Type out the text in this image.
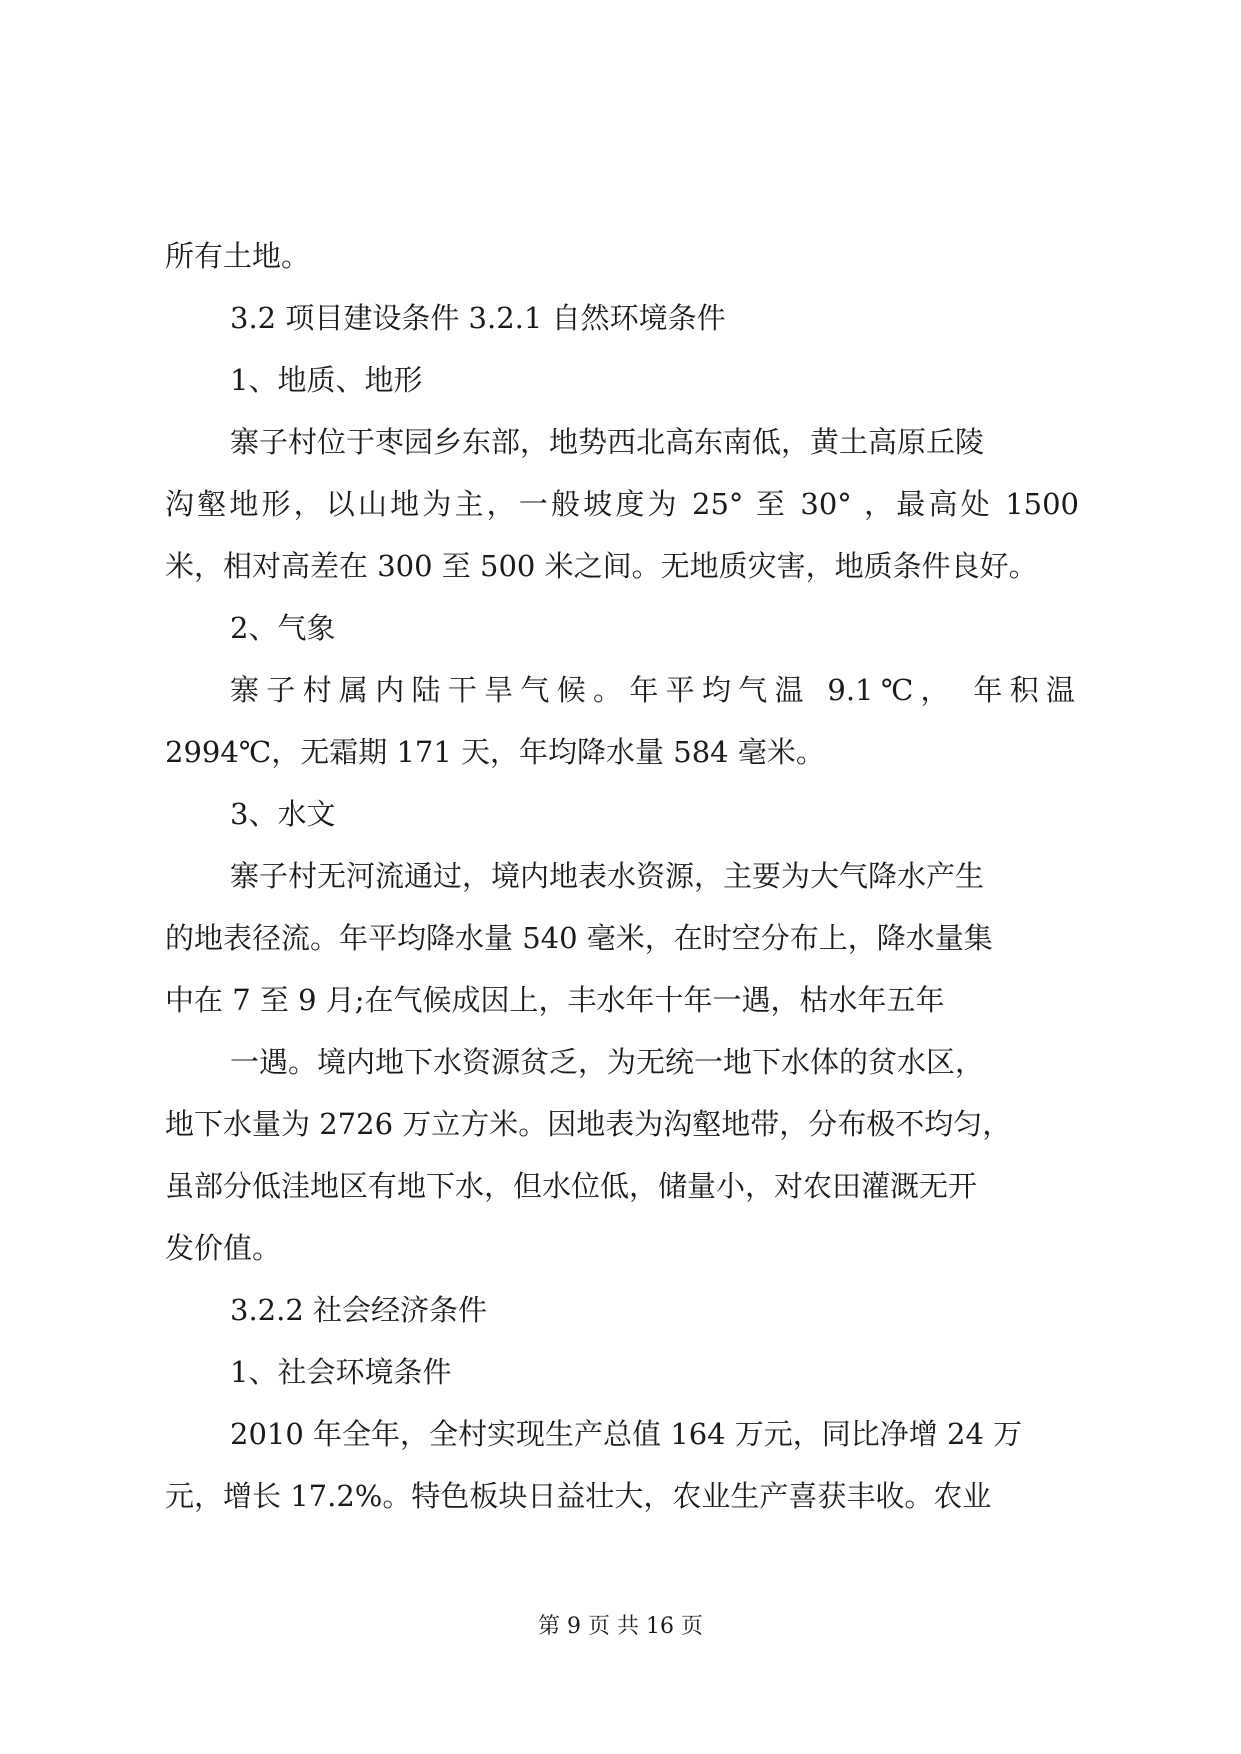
所有土地。

3.2 项目建设条件 3.2.1 自然环境条件

1、地质、地形

寨子村位于枣园乡东部，地势西北高东南低，黄土高原丘陵

沟壑地形，以山地为主，一般坡度为 25° 至 30° ，最高处 1500

米，相对高差在 300 至 500 米之间。无地质灾害，地质条件良好。

2、气象

寨子村属内陆干旱气候。年平均气温 9.1℃， 年积温

2994℃，无霜期 171 天，年均降水量 584 毫米。

3、水文

寨子村无河流通过，境内地表水资源，主要为大气降水产生

的地表径流。年平均降水量 540 毫米，在时空分布上，降水量集

中在 7 至 9 月;在气候成因上，丰水年十年一遇，枯水年五年

一遇。境内地下水资源贫乏，为无统一地下水体的贫水区，

地下水量为 2726 万立方米。因地表为沟壑地带，分布极不均匀，

虽部分低洼地区有地下水，但水位低，储量小，对农田灌溉无开

发价值。

3.2.2 社会经济条件

1、社会环境条件

2010 年全年，全村实现生产总值 164 万元，同比净增 24 万

元，增长 17.2%。特色板块日益壮大，农业生产喜获丰收。农业

第 9 页 共 16 页
